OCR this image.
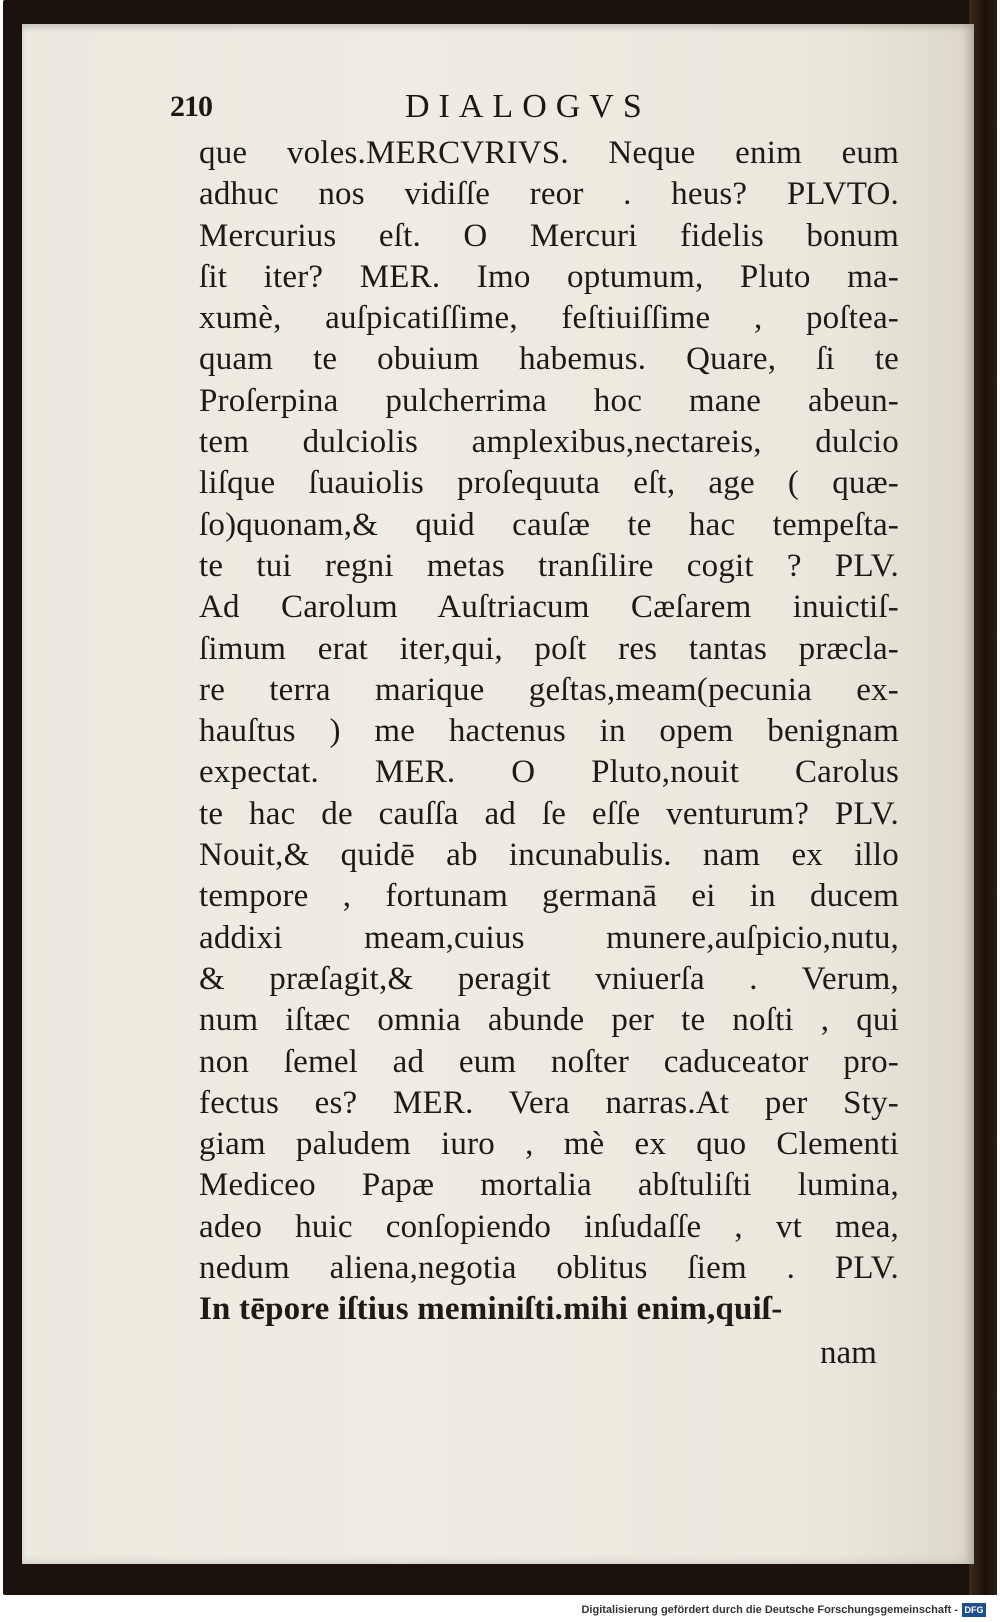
210	DIALOGVS
que voles.MERCVRIVS. Neque enim eum
adhuc nos vidiſſe reor . heus? PLVTO.
Mercurius eſt. O Mercuri fidelis bonum
ſit iter? MER. Imo optumum, Pluto ma-
xumè, auſpicatiſſime, feſtiuiſſime , poſtea-
quam te obuium habemus. Quare, ſi te
Proſerpina pulcherrima hoc mane abeun-
tem dulciolis amplexibus,nectareis, dulcio
liſque ſuauiolis proſequuta eſt, age ( quæ-
ſo)quonam,& quid cauſæ te hac tempeſta-
te tui regni metas tranſilire cogit ? PLV.
Ad Carolum Auſtriacum Cæſarem inuictiſ-
ſimum erat iter,qui, poſt res tantas præcla-
re terra marique geſtas,meam(pecunia ex-
hauſtus ) me hactenus in opem benignam
expectat. MER. O Pluto,nouit Carolus
te hac de cauſſa ad ſe eſſe venturum? PLV.
Nouit,& quidē ab incunabulis. nam ex illo
tempore , fortunam germanā ei in ducem
addixi meam,cuius munere,auſpicio,nutu,
& præſagit,& peragit vniuerſa . Verum,
num iſtæc omnia abunde per te noſti , qui
non ſemel ad eum noſter caduceator pro-
fectus es? MER. Vera narras.At per Sty-
giam paludem iuro , mè ex quo Clementi
Mediceo Papæ mortalia abſtuliſti lumina,
adeo huic conſopiendo inſudaſſe , vt mea,
nedum aliena,negotia oblitus ſiem . PLV.
In tēpore iſtius meminiſti.mihi enim,quiſ-
nam
Digitalisierung gefördert durch die Deutsche Forschungsgemeinschaft - DFG
